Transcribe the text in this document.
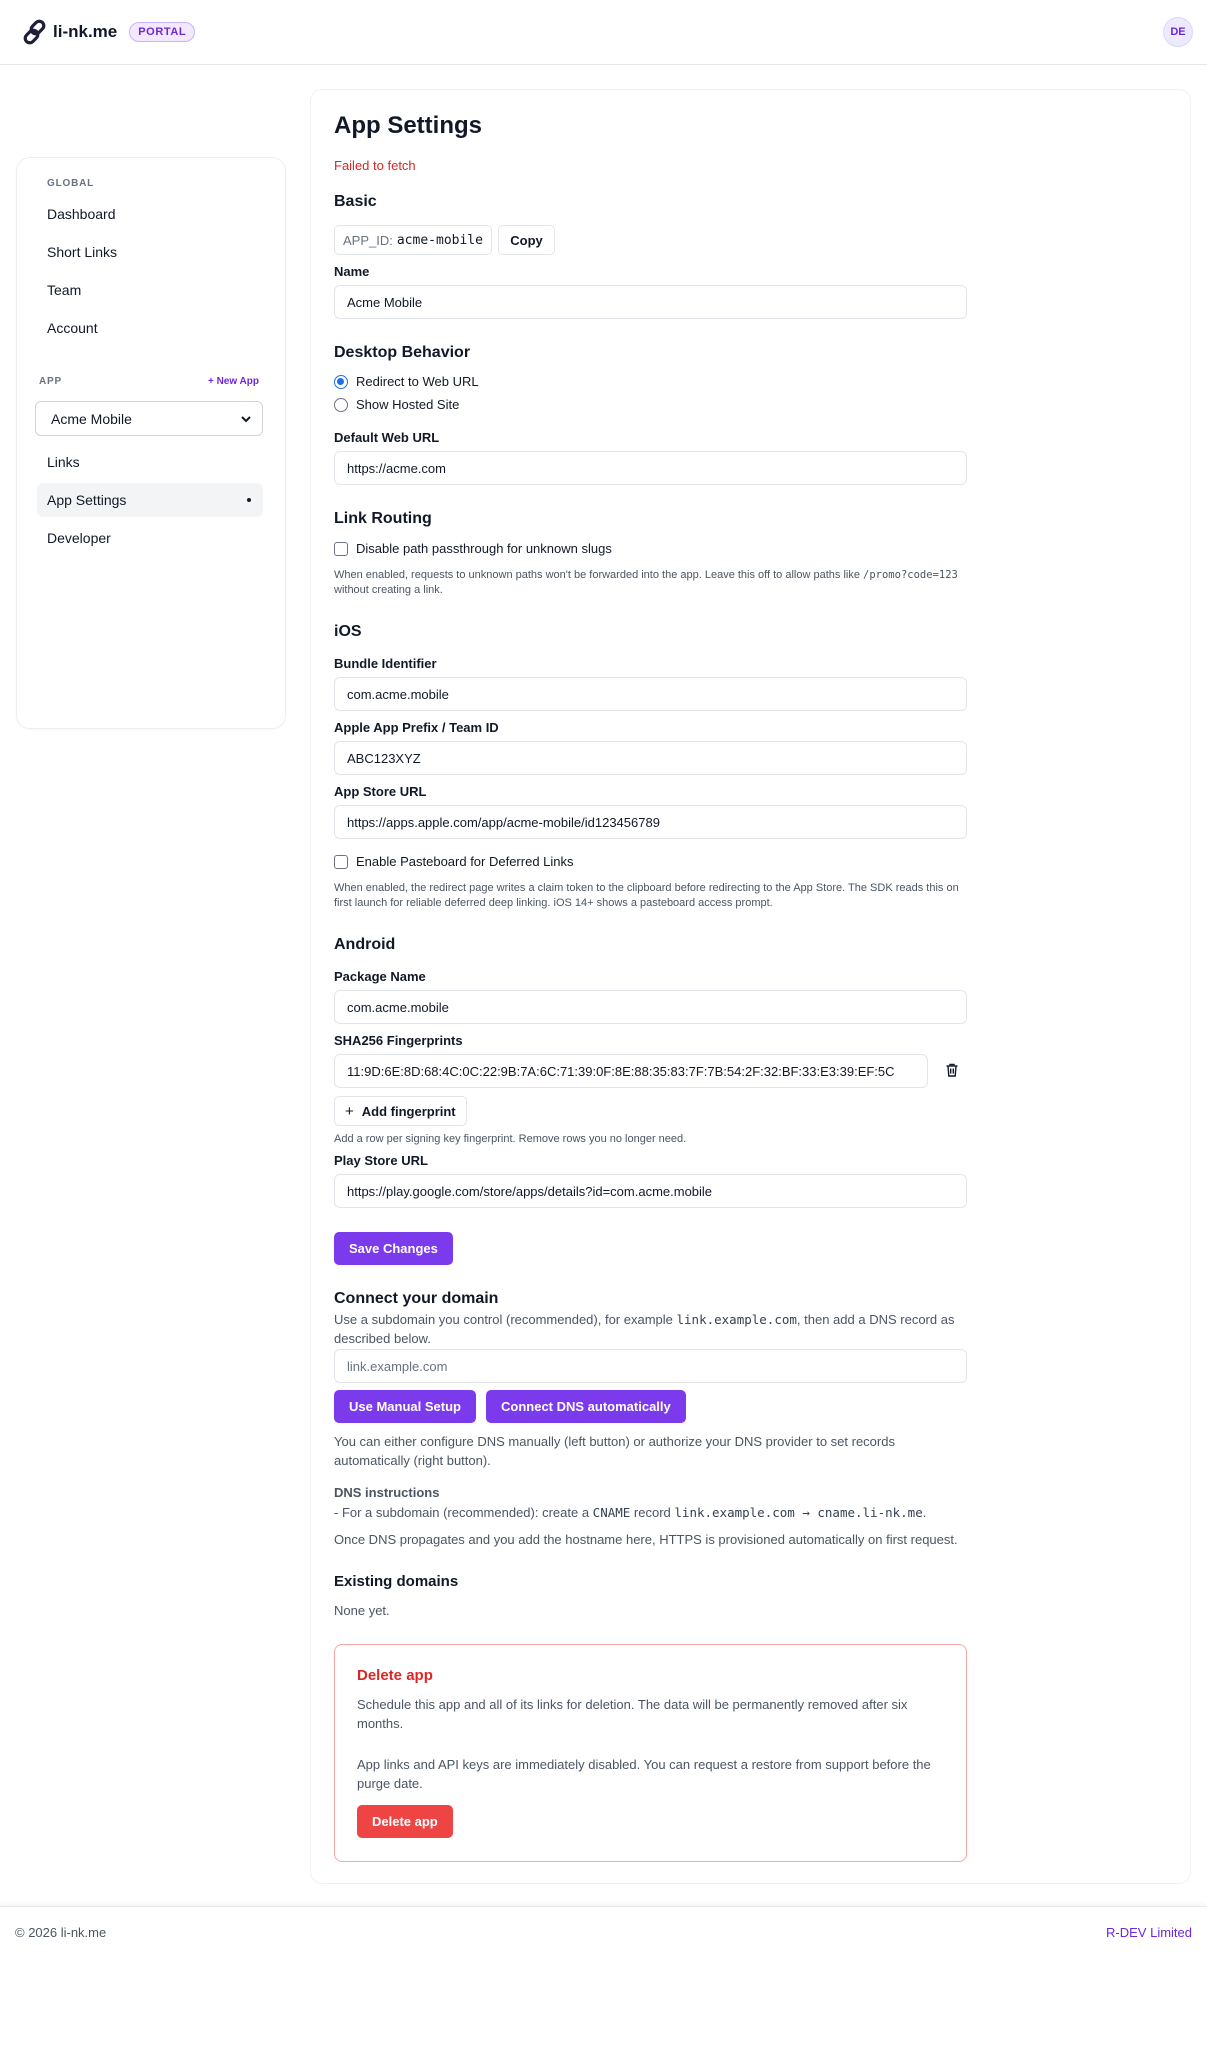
li-nk.me	PORTAL	DE
GLOBAL
Dashboard
Short Links
Team
Account
APP	+ New App
Acme Mobile
Links
App Settings
Developer
App Settings
Failed to fetch
Basic
APP_ID: acme-mobile	Copy
Name
Acme Mobile
Desktop Behavior
Redirect to Web URL
Show Hosted Site
Default Web URL
https://acme.com
Link Routing
Disable path passthrough for unknown slugs
When enabled, requests to unknown paths won't be forwarded into the app. Leave this off to allow paths like /promo?code=123 without creating a link.
iOS
Bundle Identifier
com.acme.mobile
Apple App Prefix / Team ID
ABC123XYZ
App Store URL
https://apps.apple.com/app/acme-mobile/id123456789
Enable Pasteboard for Deferred Links
When enabled, the redirect page writes a claim token to the clipboard before redirecting to the App Store. The SDK reads this on first launch for reliable deferred deep linking. iOS 14+ shows a pasteboard access prompt.
Android
Package Name
com.acme.mobile
SHA256 Fingerprints
11:9D:6E:8D:68:4C:0C:22:9B:7A:6C:71:39:0F:8E:88:35:83:7F:7B:54:2F:32:BF:33:E3:39:EF:5C
+ Add fingerprint
Add a row per signing key fingerprint. Remove rows you no longer need.
Play Store URL
https://play.google.com/store/apps/details?id=com.acme.mobile
Save Changes
Connect your domain
Use a subdomain you control (recommended), for example link.example.com, then add a DNS record as described below.
link.example.com
Use Manual Setup	Connect DNS automatically
You can either configure DNS manually (left button) or authorize your DNS provider to set records automatically (right button).
DNS instructions
- For a subdomain (recommended): create a CNAME record link.example.com → cname.li-nk.me.
Once DNS propagates and you add the hostname here, HTTPS is provisioned automatically on first request.
Existing domains
None yet.
Delete app
Schedule this app and all of its links for deletion. The data will be permanently removed after six months.
App links and API keys are immediately disabled. You can request a restore from support before the purge date.
Delete app
© 2026 li-nk.me	R-DEV Limited
